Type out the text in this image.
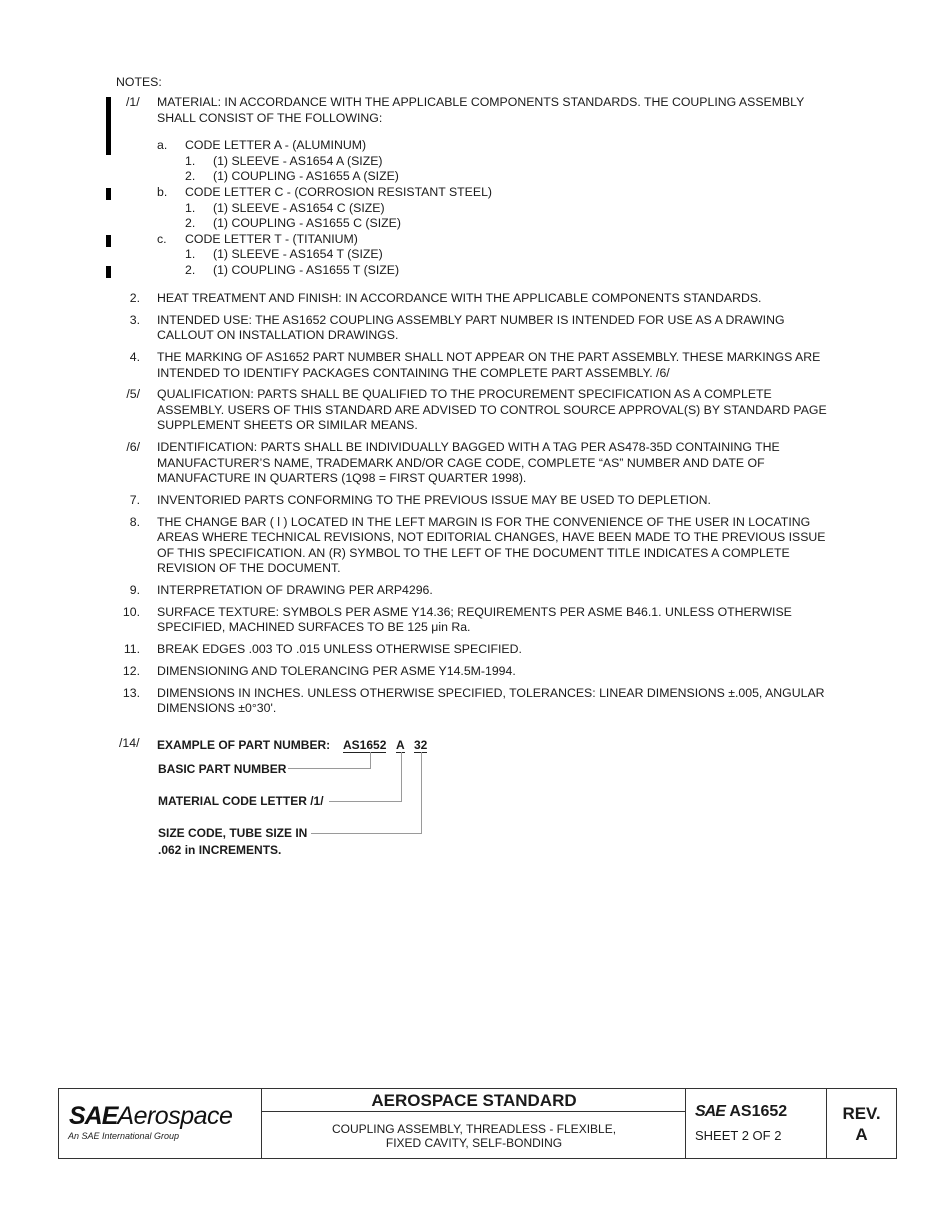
NOTES:
/1/ MATERIAL: IN ACCORDANCE WITH THE APPLICABLE COMPONENTS STANDARDS. THE COUPLING ASSEMBLY
SHALL CONSIST OF THE FOLLOWING:
a. CODE LETTER A - (ALUMINUM)
1. (1) SLEEVE - AS1654 A (SIZE)
2. (1) COUPLING - AS1655 A (SIZE)
b. CODE LETTER C - (CORROSION RESISTANT STEEL)
1. (1) SLEEVE - AS1654 C (SIZE)
2. (1) COUPLING - AS1655 C (SIZE)
c. CODE LETTER T - (TITANIUM)
1. (1) SLEEVE - AS1654 T (SIZE)
2. (1) COUPLING - AS1655 T (SIZE)
2. HEAT TREATMENT AND FINISH: IN ACCORDANCE WITH THE APPLICABLE COMPONENTS STANDARDS.
3. INTENDED USE: THE AS1652 COUPLING ASSEMBLY PART NUMBER IS INTENDED FOR USE AS A DRAWING
CALLOUT ON INSTALLATION DRAWINGS.
4. THE MARKING OF AS1652 PART NUMBER SHALL NOT APPEAR ON THE PART ASSEMBLY. THESE MARKINGS ARE
INTENDED TO IDENTIFY PACKAGES CONTAINING THE COMPLETE PART ASSEMBLY. /6/
/5/ QUALIFICATION: PARTS SHALL BE QUALIFIED TO THE PROCUREMENT SPECIFICATION AS A COMPLETE
ASSEMBLY. USERS OF THIS STANDARD ARE ADVISED TO CONTROL SOURCE APPROVAL(S) BY STANDARD PAGE
SUPPLEMENT SHEETS OR SIMILAR MEANS.
/6/ IDENTIFICATION: PARTS SHALL BE INDIVIDUALLY BAGGED WITH A TAG PER AS478-35D CONTAINING THE
MANUFACTURER’S NAME, TRADEMARK AND/OR CAGE CODE, COMPLETE “AS” NUMBER AND DATE OF
MANUFACTURE IN QUARTERS (1Q98 = FIRST QUARTER 1998).
7. INVENTORIED PARTS CONFORMING TO THE PREVIOUS ISSUE MAY BE USED TO DEPLETION.
8. THE CHANGE BAR ( l ) LOCATED IN THE LEFT MARGIN IS FOR THE CONVENIENCE OF THE USER IN LOCATING
AREAS WHERE TECHNICAL REVISIONS, NOT EDITORIAL CHANGES, HAVE BEEN MADE TO THE PREVIOUS ISSUE
OF THIS SPECIFICATION. AN (R) SYMBOL TO THE LEFT OF THE DOCUMENT TITLE INDICATES A COMPLETE
REVISION OF THE DOCUMENT.
9. INTERPRETATION OF DRAWING PER ARP4296.
10. SURFACE TEXTURE: SYMBOLS PER ASME Y14.36; REQUIREMENTS PER ASME B46.1. UNLESS OTHERWISE
SPECIFIED, MACHINED SURFACES TO BE 125 μin Ra.
11. BREAK EDGES .003 TO .015 UNLESS OTHERWISE SPECIFIED.
12. DIMENSIONING AND TOLERANCING PER ASME Y14.5M-1994.
13. DIMENSIONS IN INCHES. UNLESS OTHERWISE SPECIFIED, TOLERANCES: LINEAR DIMENSIONS ±.005, ANGULAR
DIMENSIONS ±0°30'.
/14/ EXAMPLE OF PART NUMBER: AS1652 A 32
BASIC PART NUMBER
MATERIAL CODE LETTER /1/
SIZE CODE, TUBE SIZE IN
.062 in INCREMENTS.
SAEAerospace
An SAE International Group
AEROSPACE STANDARD
COUPLING ASSEMBLY, THREADLESS - FLEXIBLE,
FIXED CAVITY, SELF-BONDING
SAE AS1652
SHEET 2 OF 2
REV.
A
